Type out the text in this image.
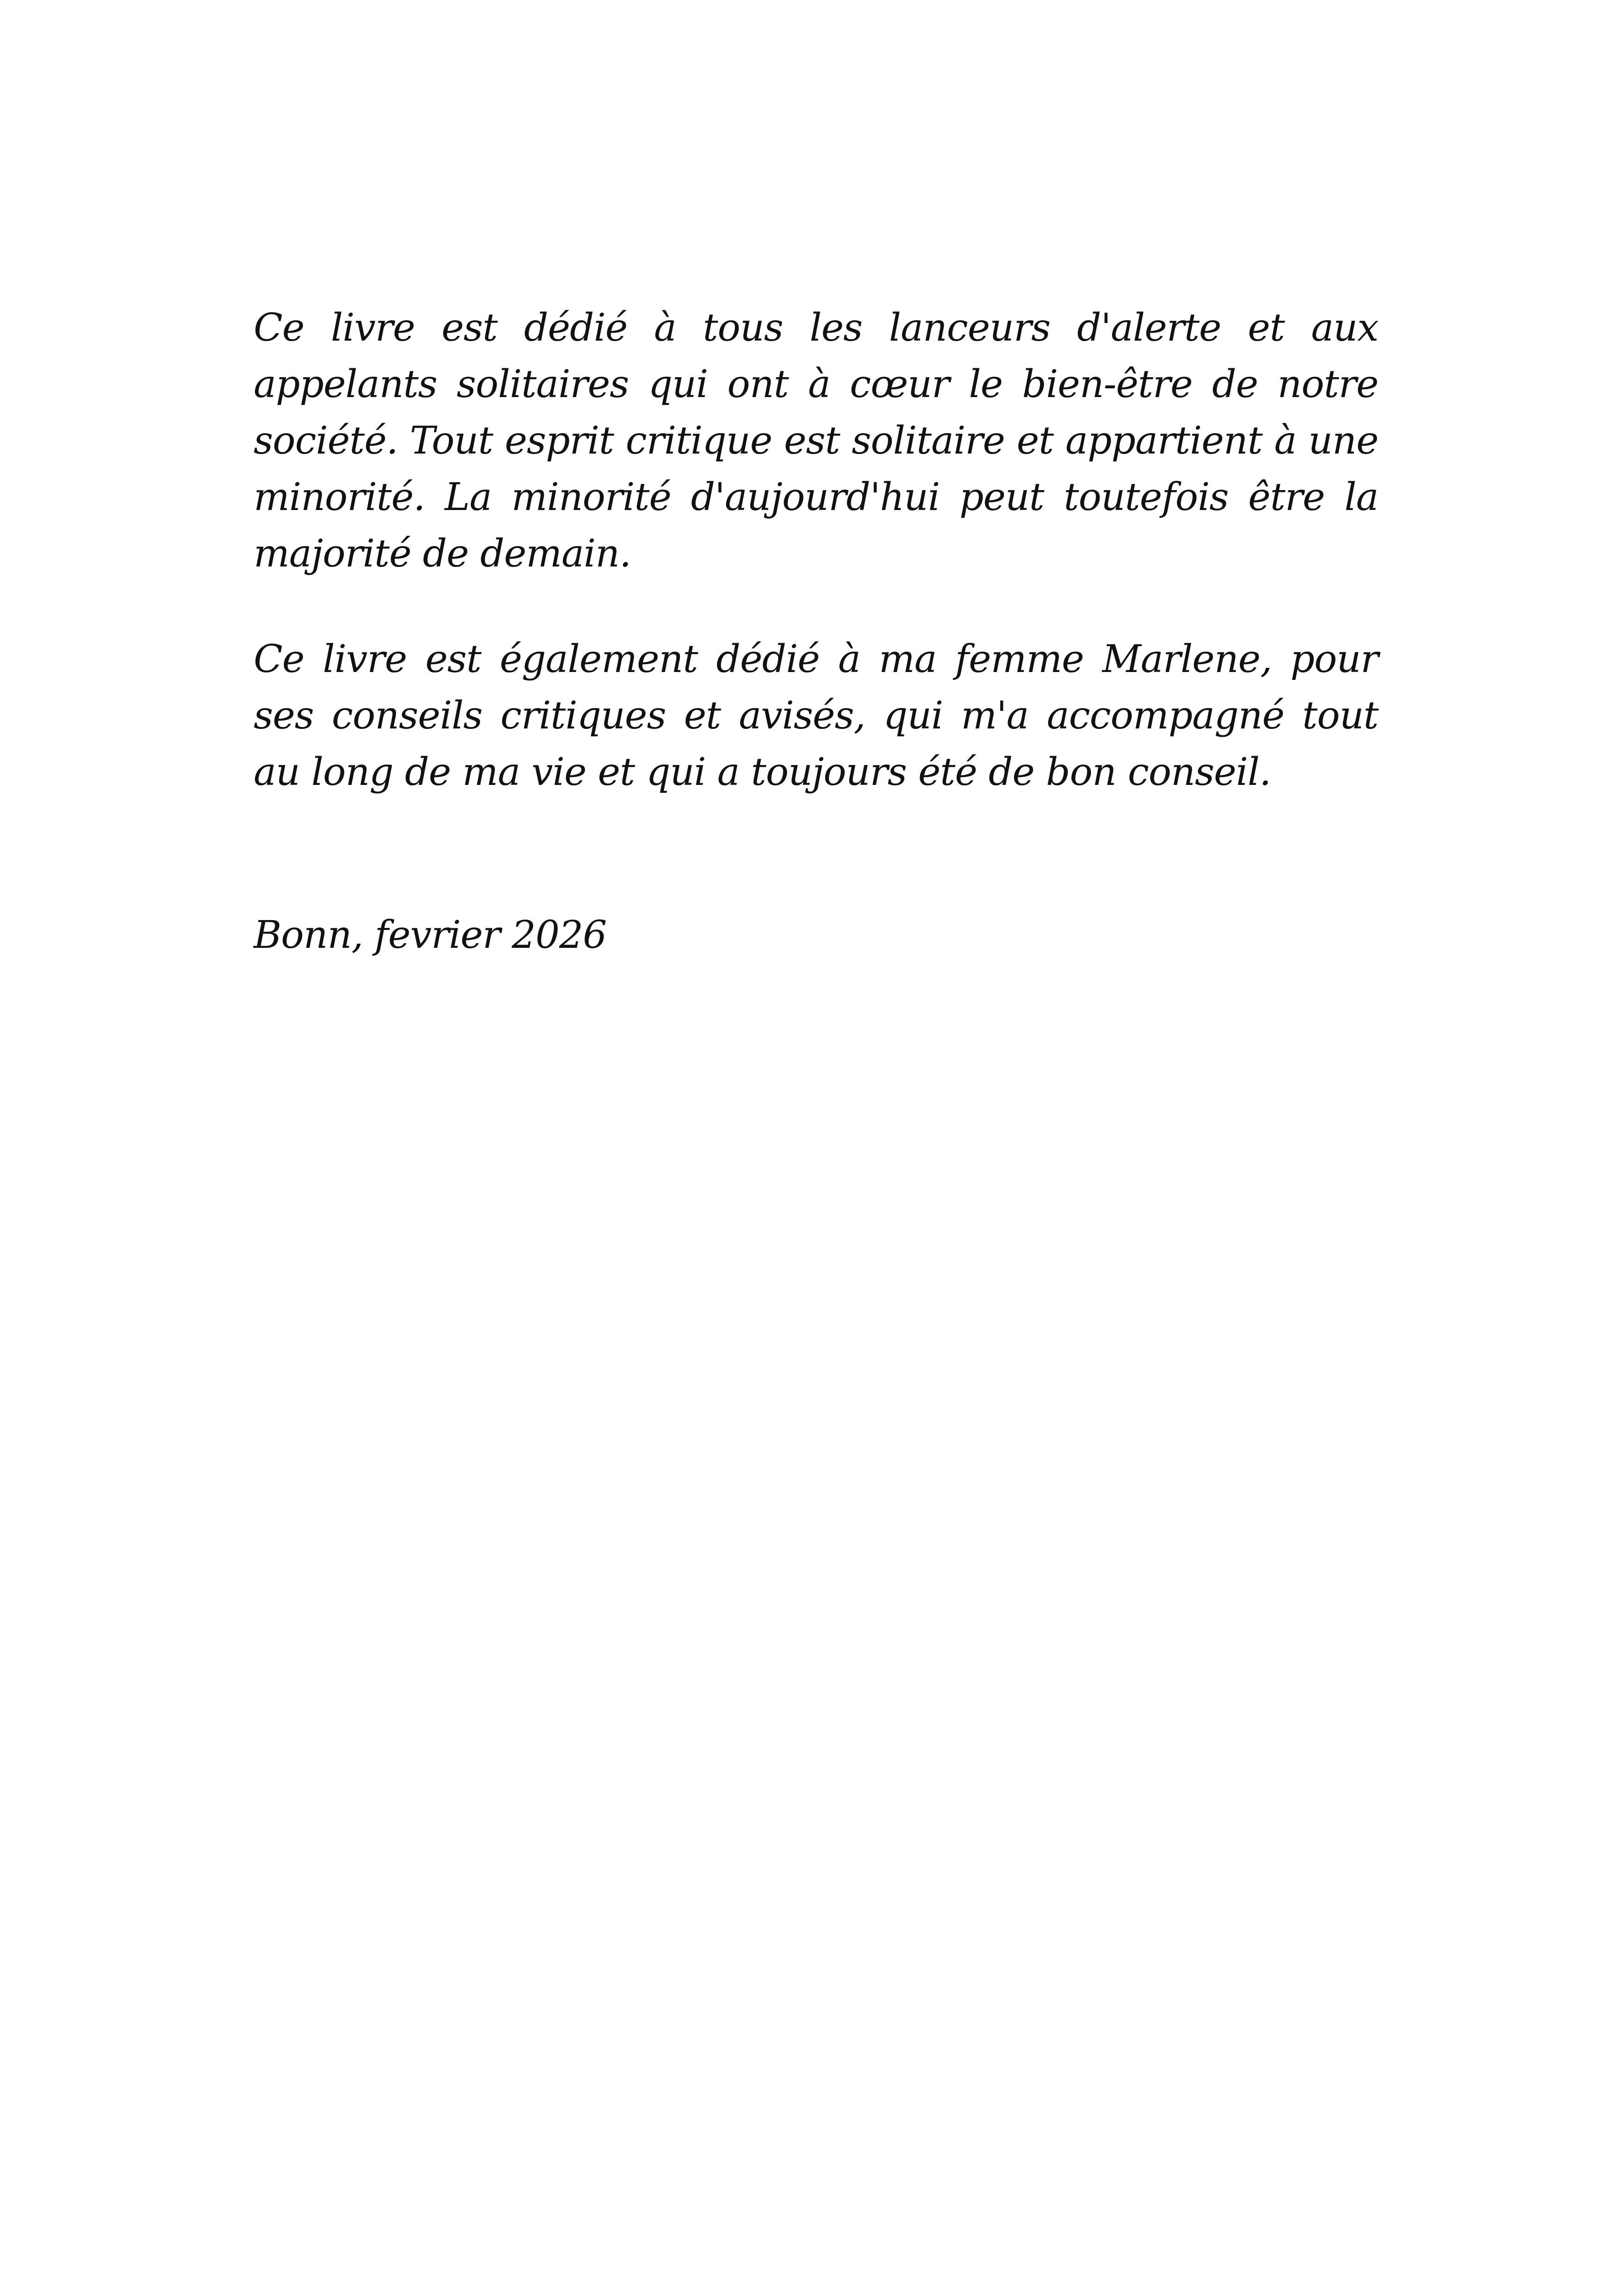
Ce livre est dédié à tous les lanceurs d'alerte et aux appelants solitaires qui ont à cœur le bien-être de notre société. Tout esprit critique est solitaire et appartient à une minorité. La minorité d'aujourd'hui peut toutefois être la majorité de demain.

Ce livre est également dédié à ma femme Marlene, pour ses conseils critiques et avisés, qui m'a accompagné tout au long de ma vie et qui a toujours été de bon conseil.

Bonn, fevrier 2026
